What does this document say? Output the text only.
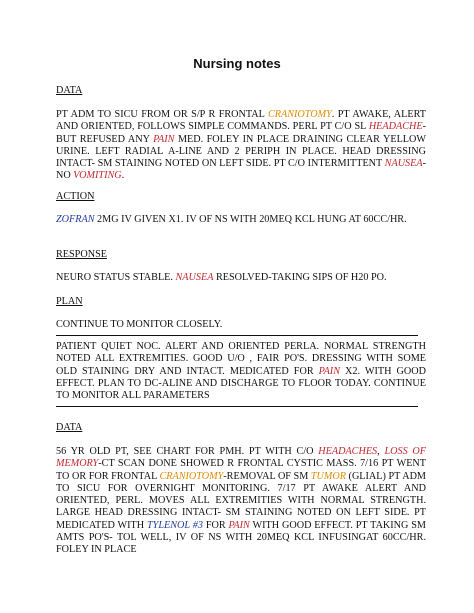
Nursing notes
DATA
PT ADM TO SICU FROM OR S/P R FRONTAL CRANIOTOMY. PT AWAKE, ALERT AND ORIENTED, FOLLOWS SIMPLE COMMANDS. PERL PT C/O SL HEADACHE- BUT REFUSED ANY PAIN MED. FOLEY IN PLACE DRAINING CLEAR YELLOW URINE. LEFT RADIAL A-LINE AND 2 PERIPH IN PLACE. HEAD DRESSING INTACT- SM STAINING NOTED ON LEFT SIDE. PT C/O INTERMITTENT NAUSEA- NO VOMITING.
ACTION
ZOFRAN 2MG IV GIVEN X1. IV OF NS WITH 20MEQ KCL HUNG AT 60CC/HR.
RESPONSE
NEURO STATUS STABLE. NAUSEA RESOLVED-TAKING SIPS OF H20 PO.
PLAN
CONTINUE TO MONITOR CLOSELY.
PATIENT QUIET NOC. ALERT AND ORIENTED PERLA. NORMAL STRENGTH NOTED ALL EXTREMITIES. GOOD U/O , FAIR PO'S. DRESSING WITH SOME OLD STAINING DRY AND INTACT. MEDICATED FOR PAIN X2. WITH GOOD EFFECT. PLAN TO DC-ALINE AND DISCHARGE TO FLOOR TODAY. CONTINUE TO MONITOR ALL PARAMETERS
DATA
56 YR OLD PT, SEE CHART FOR PMH. PT WITH C/O HEADACHES, LOSS OF MEMORY-CT SCAN DONE SHOWED R FRONTAL CYSTIC MASS. 7/16 PT WENT TO OR FOR FRONTAL CRANIOTOMY-REMOVAL OF SM TUMOR (GLIAL) PT ADM TO SICU FOR OVERNIGHT MONITORING. 7/17 PT AWAKE ALERT AND ORIENTED, PERL. MOVES ALL EXTREMITIES WITH NORMAL STRENGTH. LARGE HEAD DRESSING INTACT- SM STAINING NOTED ON LEFT SIDE. PT MEDICATED WITH TYLENOL #3 FOR PAIN WITH GOOD EFFECT. PT TAKING SM AMTS PO'S- TOL WELL, IV OF NS WITH 20MEQ KCL INFUSINGAT 60CC/HR. FOLEY IN PLACE
